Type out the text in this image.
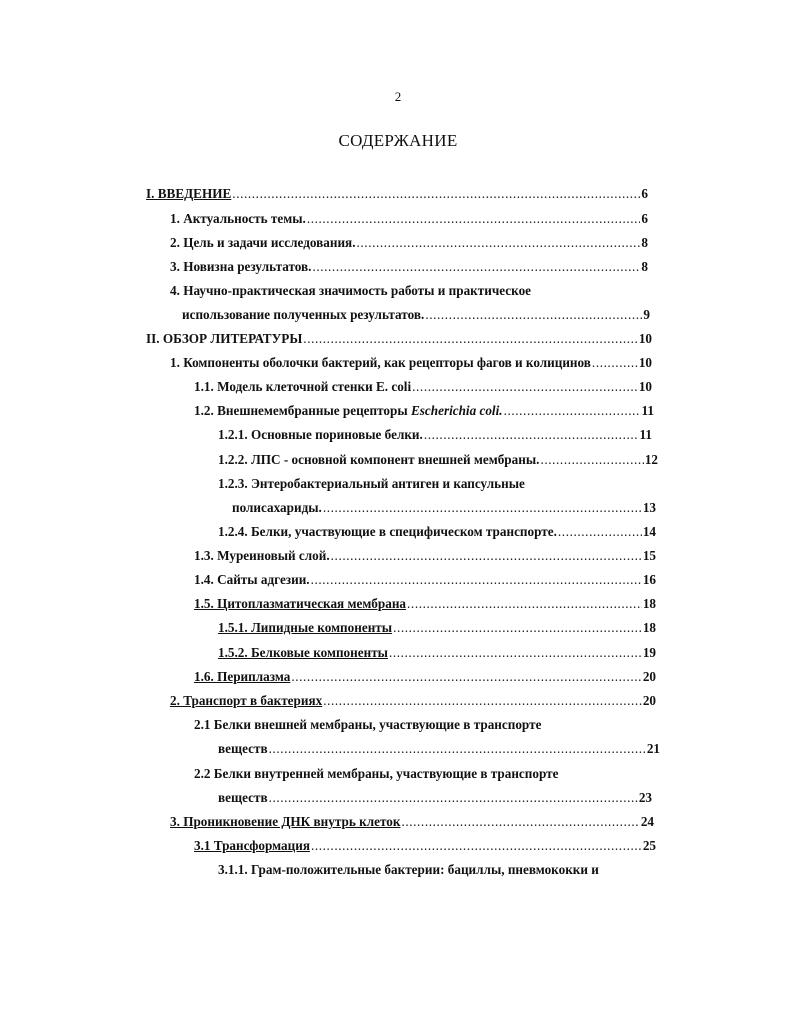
2
СОДЕРЖАНИЕ
I. ВВЕДЕНИЕ .....	6
1. Актуальность темы. .....	6
2. Цель и задачи исследования. .....	8
3. Новизна результатов. .....	8
4. Научно-практическая значимость работы и практическое
использование полученных результатов. .....	9
II. ОБЗОР ЛИТЕРАТУРЫ .....	10
1. Компоненты оболочки бактерий, как рецепторы фагов и колицинов .....	10
1.1. Модель клеточной стенки E. coli .....	10
1.2. Внешнемембранные рецепторы Escherichia coli. .....	11
1.2.1. Основные пориновые белки. .....	11
1.2.2. ЛПС - основной компонент внешней мембраны. .....	12
1.2.3. Энтеробактериальный антиген и капсульные
полисахариды. .....	13
1.2.4. Белки, участвующие в специфическом транспорте. .....	14
1.3. Муреиновый слой. .....	15
1.4. Сайты адгезии. .....	16
1.5. Цитоплазматическая мембрана .....	18
1.5.1. Липидные компоненты .....	18
1.5.2. Белковые компоненты .....	19
1.6. Периплазма .....	20
2. Транспорт в бактериях .....	20
2.1 Белки внешней мембраны, участвующие в транспорте
веществ .....	21
2.2 Белки внутренней мембраны, участвующие в транспорте
веществ .....	23
3. Проникновение ДНК внутрь клеток .....	24
3.1 Трансформация .....	25
3.1.1. Грам-положительные бактерии: бациллы, пневмококки и
